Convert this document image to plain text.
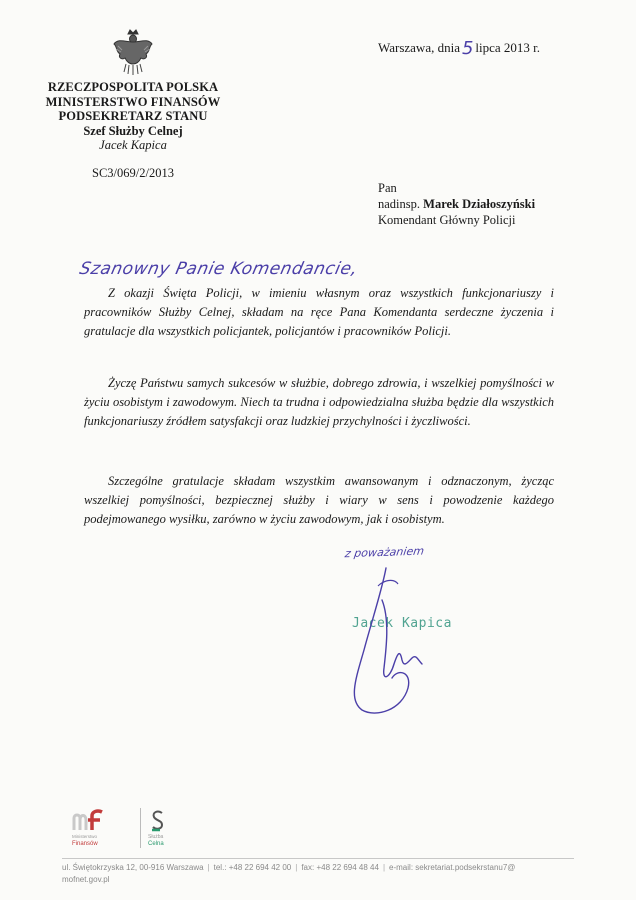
RZECZPOSPOLITA POLSKA
MINISTERSTWO FINANSÓW
PODSEKRETARZ STANU
Szef Służby Celnej
Jacek Kapica
SC3/069/2/2013
Warszawa, dnia 5 lipca 2013 r.
Pan
nadinsp. Marek Działoszyński
Komendant Główny Policji
Szanowny Panie Komendancie,

Z okazji Święta Policji, w imieniu własnym oraz wszystkich funkcjonariuszy i pracowników Służby Celnej, składam na ręce Pana Komendanta serdeczne życzenia i gratulacje dla wszystkich policjantek, policjantów i pracowników Policji.

Życzę Państwu samych sukcesów w służbie, dobrego zdrowia, i wszelkiej pomyślności w życiu osobistym i zawodowym. Niech ta trudna i odpowiedzialna służba będzie dla wszystkich funkcjonariuszy źródłem satysfakcji oraz ludzkiej przychylności i życzliwości.

Szczególne gratulacje składam wszystkim awansowanym i odznaczonym, życząc wszelkiej pomyślności, bezpiecznej służby i wiary w sens i powodzenie każdego podejmowanego wysiłku, zarówno w życiu zawodowym, jak i osobistym.

z poważaniem
Jacek Kapica
Ministerstwo
Finansów
Służba
Celna
ul. Świętokrzyska 12, 00-916 Warszawa | tel.: +48 22 694 42 00 | fax: +48 22 694 48 44 | e-mail: sekretariat.podsekrstanu7@
mofnet.gov.pl
